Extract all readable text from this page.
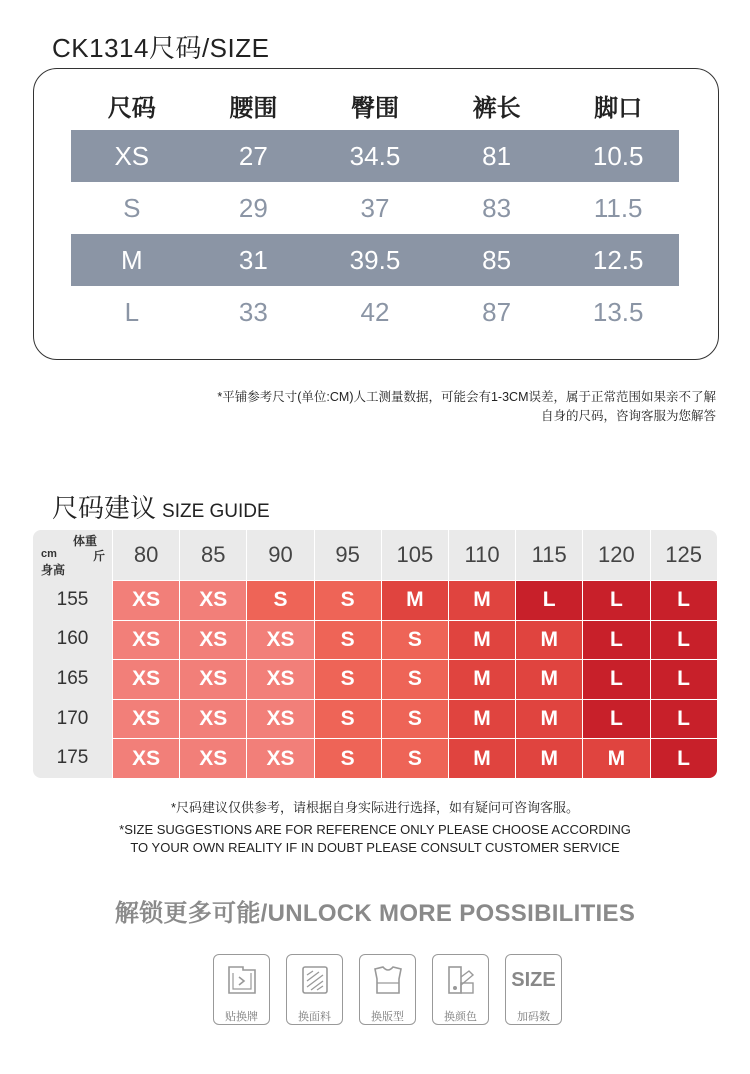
CK1314尺码/SIZE
尺码	腰围	臀围	裤长	脚口
XS	27	34.5	81	10.5
S	29	37	83	11.5
M	31	39.5	85	12.5
L	33	42	87	13.5
*平铺参考尺寸(单位:CM)人工测量数据，可能会有1-3CM误差，属于正常范围如果亲不了解
自身的尺码，咨询客服为您解答
尺码建议 SIZE GUIDE
体重
斤
cm
身高
80	85	90	95	105	110	115	120	125
155	XS	XS	S	S	M	M	L	L	L
160	XS	XS	XS	S	S	M	M	L	L
165	XS	XS	XS	S	S	M	M	L	L
170	XS	XS	XS	S	S	M	M	L	L
175	XS	XS	XS	S	S	M	M	M	L
*尺码建议仅供参考，请根据自身实际进行选择，如有疑问可咨询客服。
*SIZE SUGGESTIONS ARE FOR REFERENCE ONLY PLEASE CHOOSE ACCORDING
TO YOUR OWN REALITY IF IN DOUBT PLEASE CONSULT CUSTOMER SERVICE
解锁更多可能/UNLOCK MORE POSSIBILITIES
贴换牌	换面料	换版型	换颜色
SIZE
加码数
